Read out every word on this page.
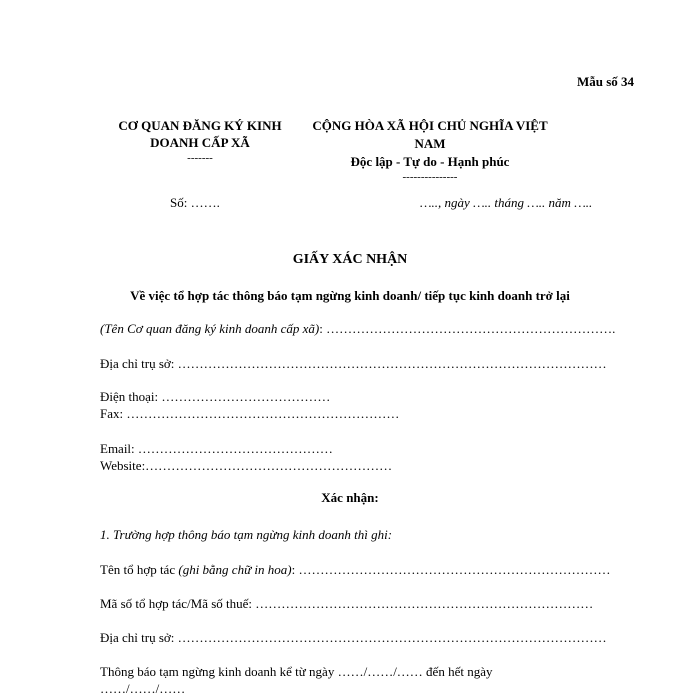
Mẫu số 34
CƠ QUAN ĐĂNG KÝ KINH
DOANH CẤP XÃ
-------
CỘNG HÒA XÃ HỘI CHỦ NGHĨA VIỆT
NAM
Độc lập - Tự do - Hạnh phúc
---------------
Số: …….	….., ngày ….. tháng ….. năm …..
GIẤY XÁC NHẬN
Về việc tổ hợp tác thông báo tạm ngừng kinh doanh/ tiếp tục kinh doanh trở lại
(Tên Cơ quan đăng ký kinh doanh cấp xã): ………………………………………………………….
Địa chỉ trụ sở: ………………………………………………………………………………………
Điện thoại: …………………………………
Fax: ………………………………………………………
Email: ………………………………………
Website:…………………………………………………
Xác nhận:
1. Trường hợp thông báo tạm ngừng kinh doanh thì ghi:
Tên tổ hợp tác (ghi bằng chữ in hoa): ………………………………………………………………
Mã số tổ hợp tác/Mã số thuế: ……………………………………………………………………
Địa chỉ trụ sở: ………………………………………………………………………………………
Thông báo tạm ngừng kinh doanh kể từ ngày ……/……/…… đến hết ngày
……/……/……
